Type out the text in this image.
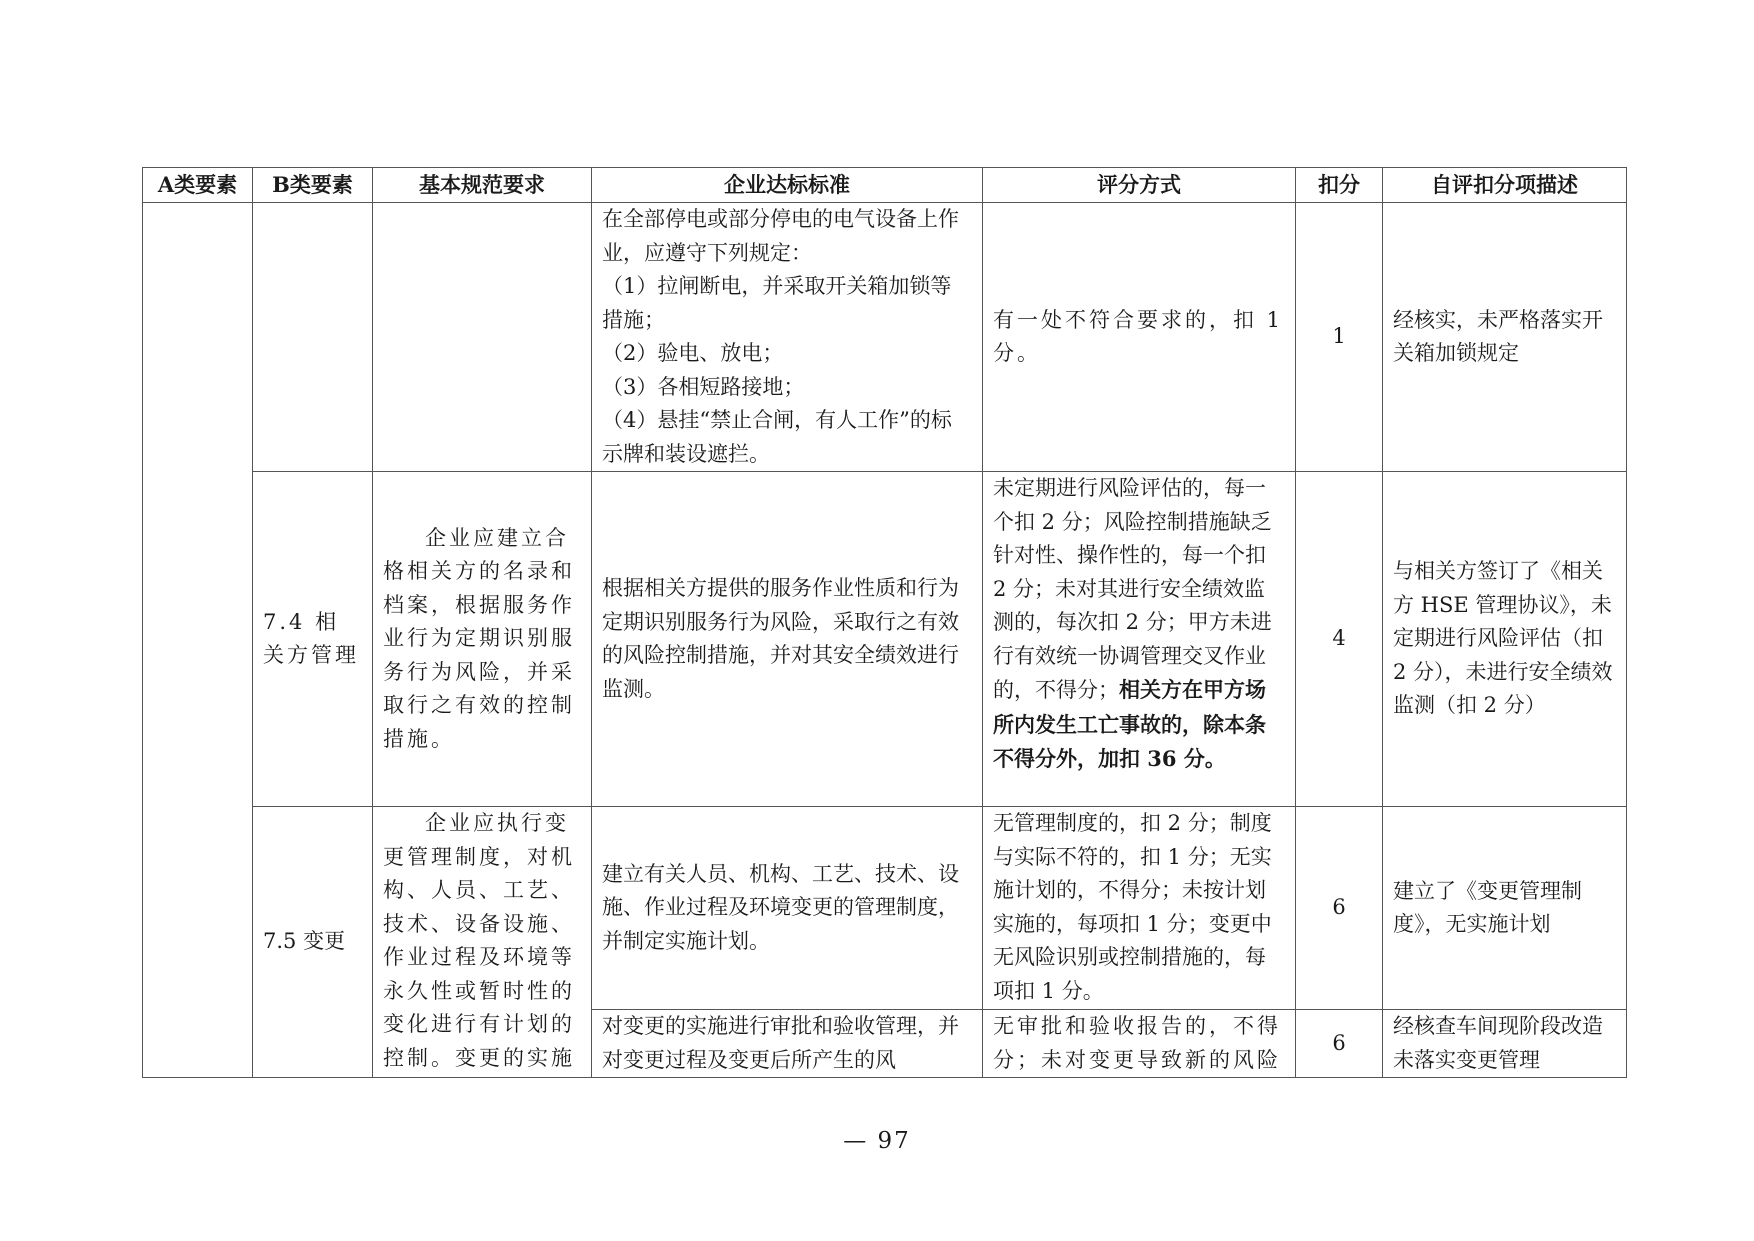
A类要素	B类要素	基本规范要求	企业达标标准	评分方式	扣分	自评扣分项描述
			在全部停电或部分停电的电气设备上作业，应遵守下列规定：
（1）拉闸断电，并采取开关箱加锁等措施；
（2）验电、放电；
（3）各相短路接地；
（4）悬挂“禁止合闸，有人工作”的标示牌和装设遮拦。	有一处不符合要求的，扣 1 分。	1	经核实，未严格落实开关箱加锁规定
	7.4 相关方管理	企业应建立合格相关方的名录和档案，根据服务作业行为定期识别服务行为风险，并采取行之有效的控制措施。	根据相关方提供的服务作业性质和行为定期识别服务行为风险，采取行之有效的风险控制措施，并对其安全绩效进行监测。	未定期进行风险评估的，每一个扣 2 分；风险控制措施缺乏针对性、操作性的，每一个扣 2 分；未对其进行安全绩效监测的，每次扣 2 分；甲方未进行有效统一协调管理交叉作业的，不得分；相关方在甲方场所内发生工亡事故的，除本条不得分外，加扣 36 分。	4	与相关方签订了《相关方 HSE 管理协议》，未定期进行风险评估（扣 2 分），未进行安全绩效监测（扣 2 分）
	7.5 变更	企业应执行变更管理制度，对机构、人员、工艺、技术、设备设施、作业过程及环境等永久性或暂时性的变化进行有计划的控制。变更的实施	建立有关人员、机构、工艺、技术、设施、作业过程及环境变更的管理制度，并制定实施计划。	无管理制度的，扣 2 分；制度与实际不符的，扣 1 分；无实施计划的，不得分；未按计划实施的，每项扣 1 分；变更中无风险识别或控制措施的，每项扣 1 分。	6	建立了《变更管理制度》，无实施计划
			对变更的实施进行审批和验收管理，并对变更过程及变更后所产生的风	无审批和验收报告的，不得分；未对变更导致新的风险	6	经核查车间现阶段改造未落实变更管理
— 97
